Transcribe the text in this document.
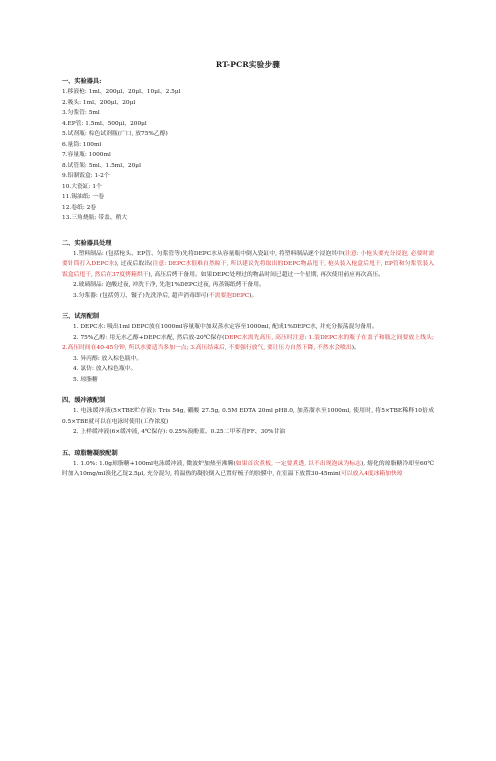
RT-PCR实验步骤
一、实验器具:
1.移液枪: 1ml、200μl、20μl、10μl、2.5μl
2.吸头: 1ml、200μl、20μl
3.匀浆管: 5ml
4.EP管: 1.5ml、500μl、200μl
5.试剂瓶: 棕色试剂瓶(广口, 放75%乙醇)
6.量筒: 100ml
7.容量瓶: 1000ml
8.试管架: 5ml、1.5ml、20μl
9.铝制饭盒: 1-2个
10.大瓷缸: 1个
11.锡油纸: 一卷
12.卷纸: 2卷
13.三角烧瓶: 带盖、稍大
二、实验器具处理
1.塑料制品: (包括枪头、EP管、匀浆管等)先将DEPC水从容量瓶中倒入瓷缸中, 将塑料制品逐个浸泡其中(注意: 小枪头要充分浸泡, 必要时需要针筒打入DEPC水), 过夜后取出(注意: DEPC水很难自然晾干, 所以建议先将取出的DEPC物品甩干, 枪头装入枪盒后甩干, EP管和匀浆管装入饭盒后甩干, 然后在37度烤箱烘干), 高压后烤干备用。如果DEPC处理过的物品时间已超过一个星期, 再次使用前应再次高压。
2.玻璃制品: 泡酸过夜, 冲洗干净, 先泡1%DEPC过夜, 再蒸锡纸烤干备用。
3.匀浆器: (包括剪刀、镊子)先洗净后, 超声消毒即可(不需要泡DEPC)。
三、试剂配制
1. DEPC水: 吸出1ml DEPC放在1000ml容量瓶中加双蒸水定容至1000ml, 配成1%DEPC水, 并充分振荡混匀备用。
2. 75%乙醇: 用无水乙醇+DEPC水配, 然后放-20℃保存(DEPC水需先高压, 高压时注意: 1.装DEPC水的瓶子在盖子和瓶之间要放上线头; 2.高压时间在40-45分钟, 所以水要适当多加一点; 3.高压结束后, 不要强行放气, 要让压力自然下降, 不然水会喷出)。
3. 异丙醇: 放入棕色瓶中。
4. 氯仿: 放入棕色瓶中。
5. 琼脂糖
四、缓冲液配制
1. 电泳缓冲液(5×TBE贮存液): Tris 54g, 硼酸 27.5g, 0.5M EDTA 20ml pH8.0, 加蒸溜水至1000ml, 使用时, 将5×TBE稀释10倍成0.5×TBE就可以在电泳时使用(工作浓度)
2. 上样缓冲液(6×缓冲液, 4℃保存): 0.25%溴酚蓝、0.25二甲苯青FF、30%甘油
五、琼脂糖凝胶配制
1. 1.0%: 1.0g琼脂糖+100ml电泳缓冲液, 微波炉加热至沸腾(如果首次煮板, 一定要煮透, 以不出现泡沫为标志), 熔化的琼脂糖冷却至60℃时加入10mg/ml溴化乙锭2.5μl, 充分混匀, 将温热的凝胶倒入已置好梳子的胶膜中, 在室温下放置30-45min(可以放入4度冰箱加快琼
